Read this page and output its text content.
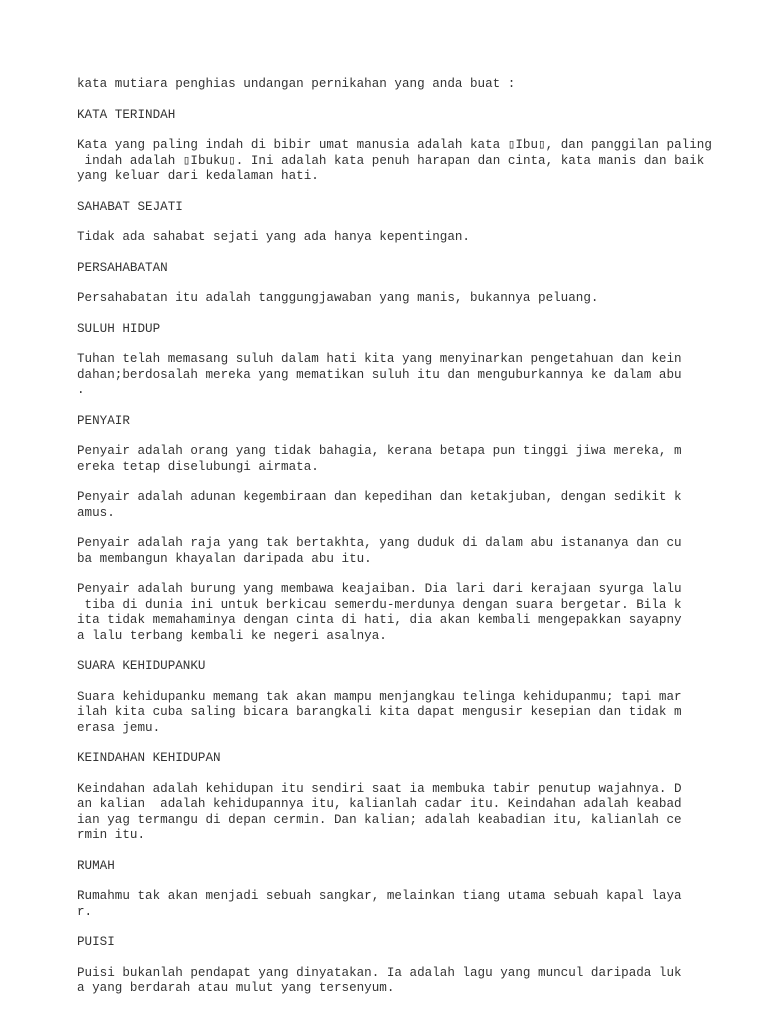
kata mutiara penghias undangan pernikahan yang anda buat :
KATA TERINDAH
Kata yang paling indah di bibir umat manusia adalah kata ▯Ibu▯, dan panggilan paling
indah adalah ▯Ibuku▯. Ini adalah kata penuh harapan dan cinta, kata manis dan baik
yang keluar dari kedalaman hati.
SAHABAT SEJATI
Tidak ada sahabat sejati yang ada hanya kepentingan.
PERSAHABATAN
Persahabatan itu adalah tanggungjawaban yang manis, bukannya peluang.
SULUH HIDUP
Tuhan telah memasang suluh dalam hati kita yang menyinarkan pengetahuan dan kein
dahan;berdosalah mereka yang mematikan suluh itu dan menguburkannya ke dalam abu
.
PENYAIR
Penyair adalah orang yang tidak bahagia, kerana betapa pun tinggi jiwa mereka, m
ereka tetap diselubungi airmata.
Penyair adalah adunan kegembiraan dan kepedihan dan ketakjuban, dengan sedikit k
amus.
Penyair adalah raja yang tak bertakhta, yang duduk di dalam abu istananya dan cu
ba membangun khayalan daripada abu itu.
Penyair adalah burung yang membawa keajaiban. Dia lari dari kerajaan syurga lalu
tiba di dunia ini untuk berkicau semerdu-merdunya dengan suara bergetar. Bila k
ita tidak memahaminya dengan cinta di hati, dia akan kembali mengepakkan sayapny
a lalu terbang kembali ke negeri asalnya.
SUARA KEHIDUPANKU
Suara kehidupanku memang tak akan mampu menjangkau telinga kehidupanmu; tapi mar
ilah kita cuba saling bicara barangkali kita dapat mengusir kesepian dan tidak m
erasa jemu.
KEINDAHAN KEHIDUPAN
Keindahan adalah kehidupan itu sendiri saat ia membuka tabir penutup wajahnya. D
an kalian  adalah kehidupannya itu, kalianlah cadar itu. Keindahan adalah keabad
ian yag termangu di depan cermin. Dan kalian; adalah keabadian itu, kalianlah ce
rmin itu.
RUMAH
Rumahmu tak akan menjadi sebuah sangkar, melainkan tiang utama sebuah kapal laya
r.
PUISI
Puisi bukanlah pendapat yang dinyatakan. Ia adalah lagu yang muncul daripada luk
a yang berdarah atau mulut yang tersenyum.
